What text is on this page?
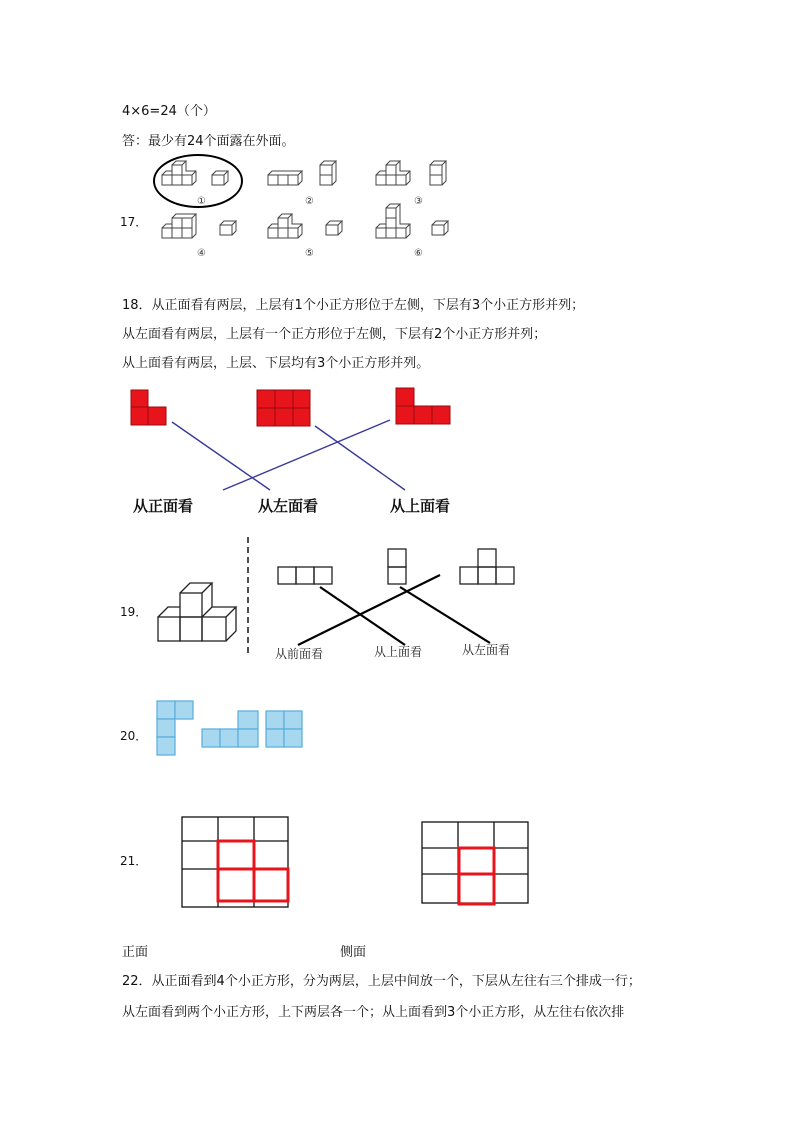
4×6=24（个）
答：最少有24个面露在外面。
17．
①	②	③
④	⑤	⑥
18．从正面看有两层，上层有1个小正方形位于左侧，下层有3个小正方形并列；
从左面看有两层，上层有一个正方形位于左侧，下层有2个小正方形并列；
从上面看有两层，上层、下层均有3个小正方形并列。
从正面看	从左面看	从上面看
19．
从前面看	从上面看	从左面看
20．
21．
正面	侧面
22．从正面看到4个小正方形，分为两层，上层中间放一个，下层从左往右三个排成一行；
从左面看到两个小正方形，上下两层各一个；从上面看到3个小正方形，从左往右依次排
